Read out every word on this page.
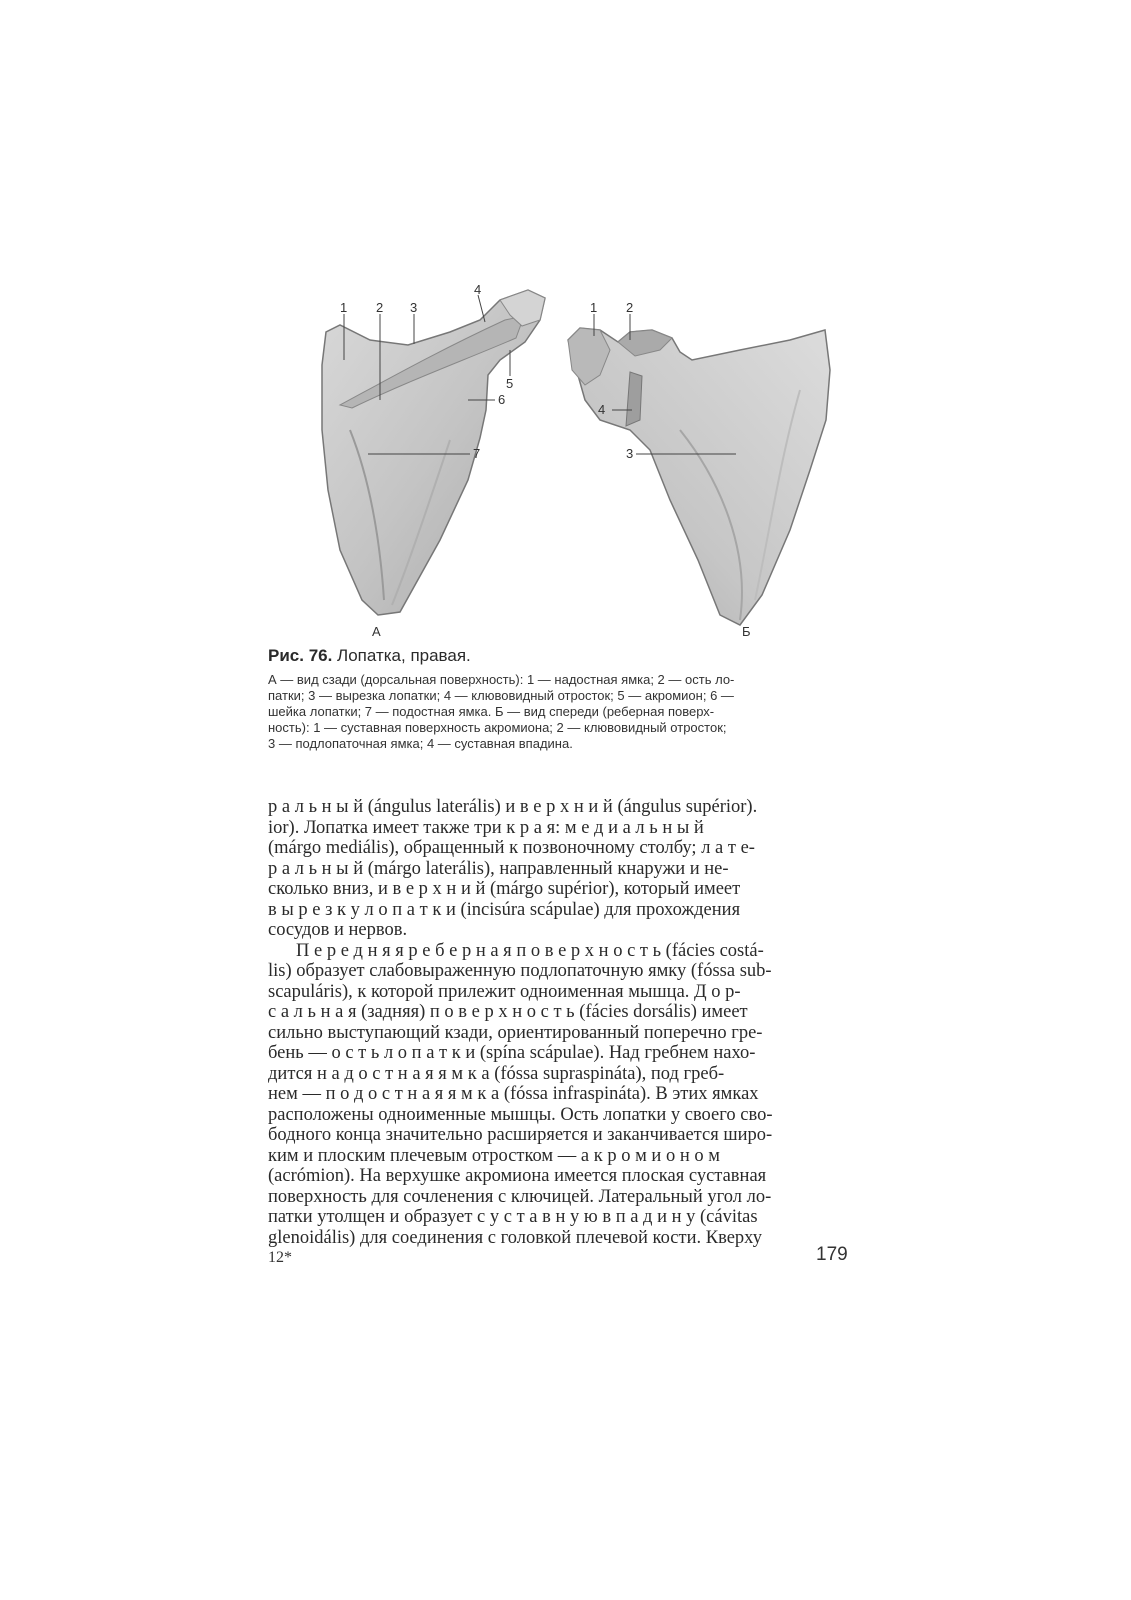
1 2 3
4
5
6
7
1 2
4
3
А	Б
Рис. 76. Лопатка, правая.
А — вид сзади (дорсальная поверхность): 1 — надостная ямка; 2 — ость ло-
патки; 3 — вырезка лопатки; 4 — клювовидный отросток; 5 — акромион; 6 —
шейка лопатки; 7 — подостная ямка. Б — вид спереди (реберная поверх-
ность): 1 — суставная поверхность акромиона; 2 — клювовидный отросток;
3 — подлопаточная ямка; 4 — суставная впадина.
р а л ь н ы й (ángulus laterális) и в е р х н и й (ángulus supérior).
ior). Лопатка имеет также три к р а я: м е д и а л ь н ы й
(márgo mediális), обращенный к позвоночному столбу; л а т е-
р а л ь н ы й (márgo laterális), направленный кнаружи и не-
сколько вниз, и в е р х н и й (márgo supérior), который имеет
в ы р е з к у л о п а т к и (incisúra scápulae) для прохождения
сосудов и нервов.
П е р е д н я я р е б е р н а я п о в е р х н о с т ь (fácies costá-
lis) образует слабовыраженную подлопаточную ямку (fóssa sub-
scapuláris), к которой прилежит одноименная мышца. Д о р-
с а л ь н а я (задняя) п о в е р х н о с т ь (fácies dorsális) имеет
сильно выступающий кзади, ориентированный поперечно гре-
бень — о с т ь л о п а т к и (spína scápulae). Над гребнем нахо-
дится н а д о с т н а я я м к а (fóssa supraspináta), под греб-
нем — п о д о с т н а я я м к а (fóssa infraspináta). В этих ямках
расположены одноименные мышцы. Ость лопатки у своего сво-
бодного конца значительно расширяется и заканчивается широ-
ким и плоским плечевым отростком — а к р о м и о н о м
(acrómion). На верхушке акромиона имеется плоская суставная
поверхность для сочленения с ключицей. Латеральный угол ло-
патки утолщен и образует с у с т а в н у ю в п а д и н у (cávitas
glenoidális) для соединения с головкой плечевой кости. Кверху
12*	179
